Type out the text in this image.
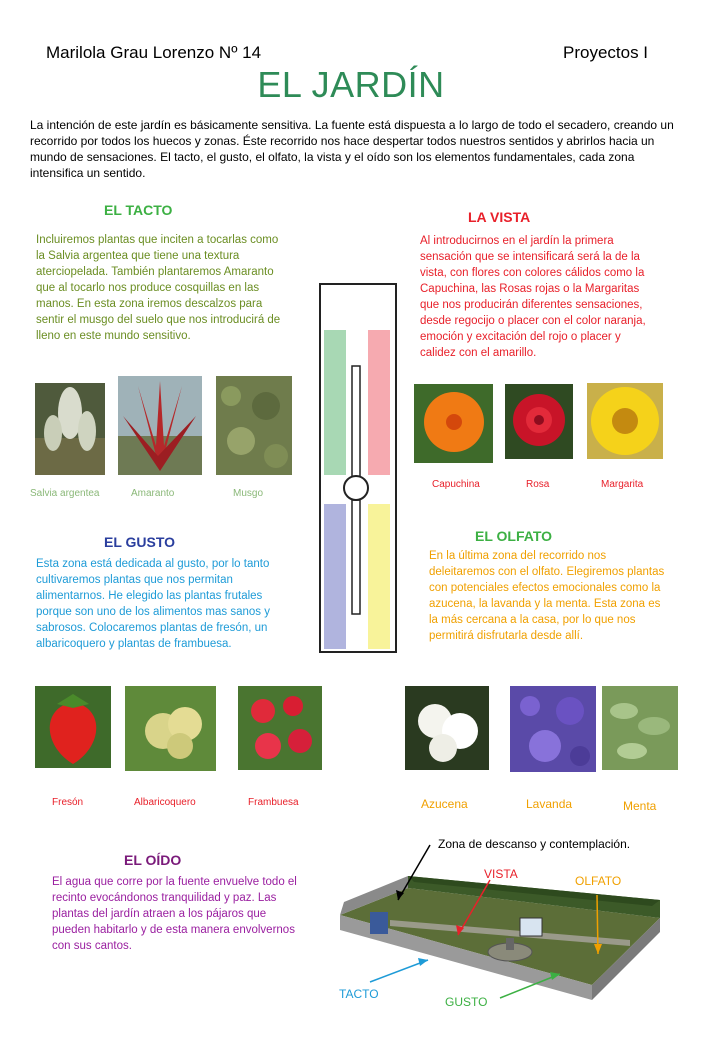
Marilola Grau Lorenzo Nº 14	Proyectos I
EL JARDÍN
La intención de este jardín es básicamente sensitiva. La fuente está dispuesta a lo largo de todo el secadero, creando un recorrido por todos los huecos y zonas. Éste recorrido nos hace despertar todos nuestros sentidos y abrirlos hacia un mundo de sensaciones. El tacto, el gusto, el olfato, la vista y el oído son los elementos fundamentales, cada zona intensifica un sentido.
EL TACTO
Incluiremos plantas que inciten a tocarlas como la Salvia argentea que tiene una textura aterciopelada. También plantaremos Amaranto que al tocarlo nos produce cosquillas en las manos. En esta zona iremos descalzos para sentir el musgo del suelo que nos introducirá de lleno en este mundo sensitivo.
Salvia argentea	Amaranto	Musgo
LA VISTA
Al introducirnos en el jardín la primera sensación que se intensificará será la de la vista, con flores con colores cálidos como la Capuchina, las Rosas rojas o la Margaritas que nos producirán diferentes sensaciones, desde regocijo o placer con el color naranja, emoción y excitación del rojo o placer y calidez con el amarillo.
Capuchina	Rosa	Margarita
EL GUSTO
Esta zona está dedicada al gusto, por lo tanto cultivaremos plantas que nos permitan alimentarnos. He elegido las plantas frutales porque son uno de los alimentos mas sanos y sabrosos. Colocaremos plantas de fresón, un albaricoquero y plantas de frambuesa.
Fresón	Albaricoquero	Frambuesa
EL OLFATO
En la última zona del recorrido nos deleitaremos con el olfato. Elegiremos plantas con potenciales efectos emocionales como la azucena, la lavanda y la menta. Esta zona es la más cercana a la casa, por lo que nos permitirá disfrutarla desde allí.
Azucena	Lavanda	Menta
EL OÍDO
El agua que corre por la fuente envuelve todo el recinto evocándonos tranquilidad y paz. Las plantas del jardín atraen a los pájaros que pueden habitarlo y de esta manera envolvernos con sus cantos.
Zona de descanso y contemplación.
VISTA	OLFATO
TACTO
GUSTO
